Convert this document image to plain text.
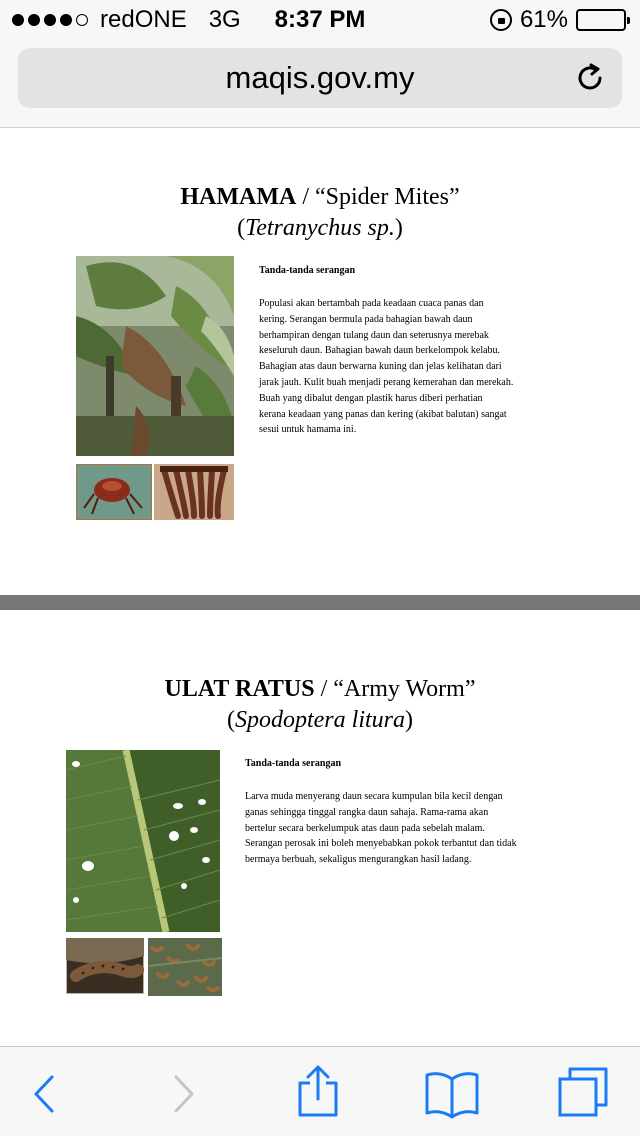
redONE 3G	8:37 PM	61%
maqis.gov.my
HAMAMA / “Spider Mites”
(Tetranychus sp.)
Tanda-tanda serangan
Populasi akan bertambah pada keadaan cuaca panas dan
kering. Serangan bermula pada bahagian bawah daun
berhampiran dengan tulang daun dan seterusnya merebak
keseluruh daun. Bahagian bawah daun berkelompok kelabu.
Bahagian atas daun berwarna kuning dan jelas kelihatan dari
jarak jauh. Kulit buah menjadi perang kemerahan dan merekah.
Buah yang dibalut dengan plastik harus diberi perhatian
kerana keadaan yang panas dan kering (akibat balutan) sangat
sesui untuk hamama ini.
ULAT RATUS / “Army Worm”
(Spodoptera litura)
Tanda-tanda serangan
Larva muda menyerang daun secara kumpulan bila kecil dengan
ganas sehingga tinggal rangka daun sahaja. Rama-rama akan
bertelur secara berkelumpuk atas daun pada sebelah malam.
Serangan perosak ini boleh menyebabkan pokok terbantut dan tidak
bermaya berbuah, sekaligus mengurangkan hasil ladang.
